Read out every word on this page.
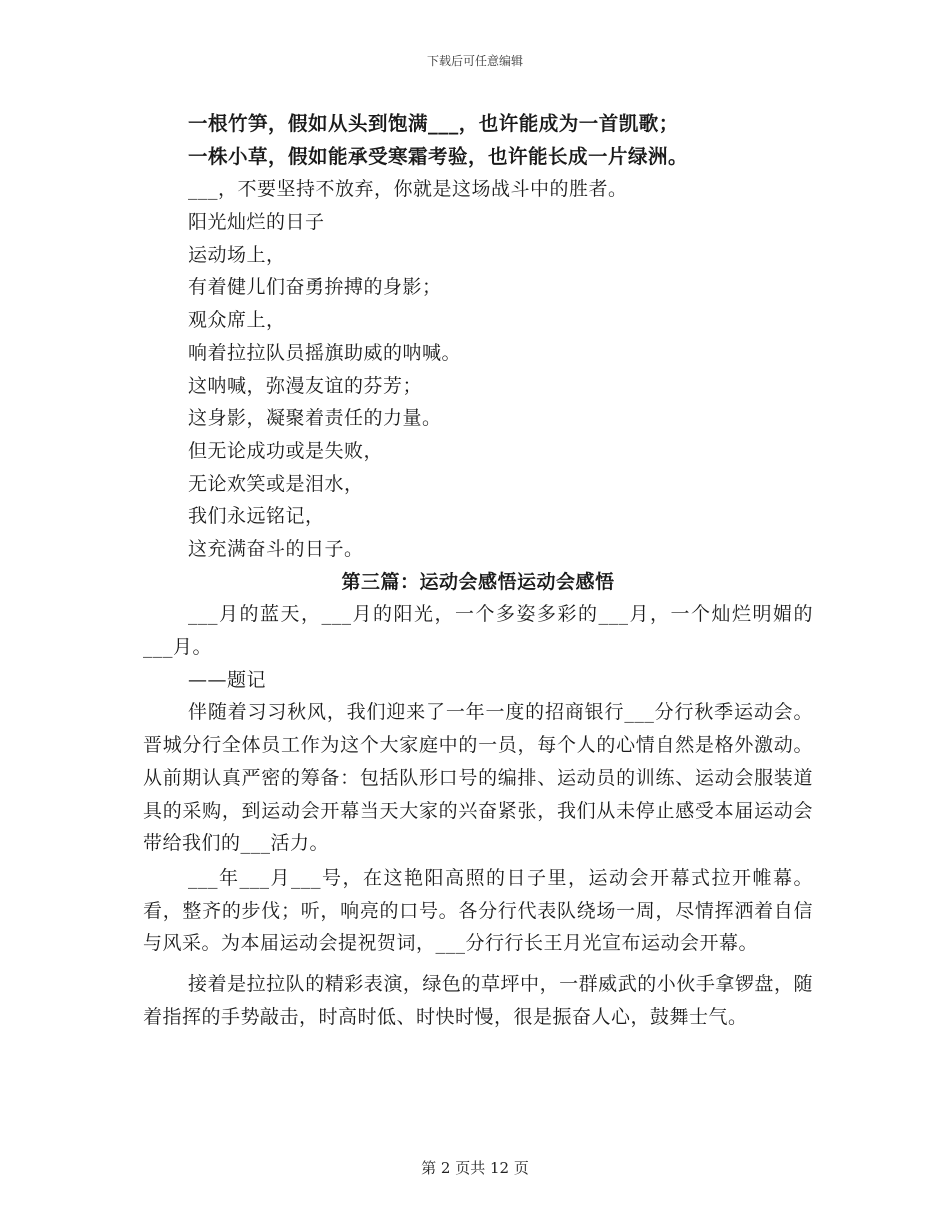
下载后可任意编辑
一根竹笋，假如从头到饱满___，也许能成为一首凯歌；
一株小草，假如能承受寒霜考验，也许能长成一片绿洲。
___，不要坚持不放弃，你就是这场战斗中的胜者。
阳光灿烂的日子
运动场上，
有着健儿们奋勇拚搏的身影；
观众席上，
响着拉拉队员摇旗助威的呐喊。
这呐喊，弥漫友谊的芬芳；
这身影，凝聚着责任的力量。
但无论成功或是失败，
无论欢笑或是泪水，
我们永远铭记，
这充满奋斗的日子。
第三篇：运动会感悟运动会感悟
___月的蓝天，___月的阳光，一个多姿多彩的___月，一个灿烂明媚的___月。
——题记
伴随着习习秋风，我们迎来了一年一度的招商银行___分行秋季运动会。晋城分行全体员工作为这个大家庭中的一员，每个人的心情自然是格外激动。从前期认真严密的筹备：包括队形口号的编排、运动员的训练、运动会服装道具的采购，到运动会开幕当天大家的兴奋紧张，我们从未停止感受本届运动会带给我们的___活力。
___年___月___号，在这艳阳高照的日子里，运动会开幕式拉开帷幕。看，整齐的步伐；听，响亮的口号。各分行代表队绕场一周，尽情挥洒着自信与风采。为本届运动会提祝贺词，___分行行长王月光宣布运动会开幕。
接着是拉拉队的精彩表演，绿色的草坪中，一群威武的小伙手拿锣盘，随着指挥的手势敲击，时高时低、时快时慢，很是振奋人心，鼓舞士气。
第 2 页共 12 页
